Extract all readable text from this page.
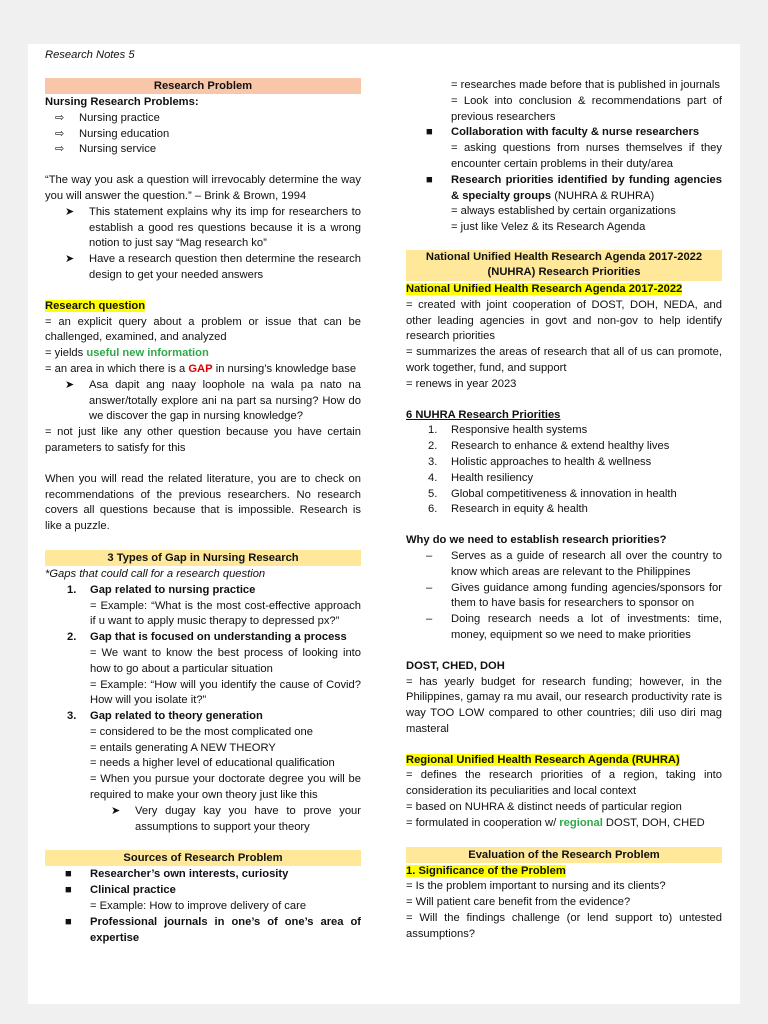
Research Notes 5
Research Problem
Nursing Research Problems:
⇨	Nursing practice
⇨	Nursing education
⇨	Nursing service
“The way you ask a question will irrevocably determine the way you will answer the question.” – Brink & Brown, 1994
➤	This statement explains why its imp for researchers to establish a good res questions because it is a wrong notion to just say “Mag research ko”
➤	Have a research question then determine the research design to get your needed answers
Research question
= an explicit query about a problem or issue that can be challenged, examined, and analyzed
= yields useful new information
= an area in which there is a GAP in nursing’s knowledge base
➤	Asa dapit ang naay loophole na wala pa nato na answer/totally explore ani na part sa nursing? How do we discover the gap in nursing knowledge?
= not just like any other question because you have certain parameters to satisfy for this
When you will read the related literature, you are to check on recommendations of the previous researchers. No research covers all questions because that is impossible. Research is like a puzzle.
3 Types of Gap in Nursing Research
*Gaps that could call for a research question
1.	Gap related to nursing practice
= Example: “What is the most cost-effective approach if u want to apply music therapy to depressed px?”
2.	Gap that is focused on understanding a process
= We want to know the best process of looking into how to go about a particular situation
= Example: “How will you identify the cause of Covid? How will you isolate it?”
3.	Gap related to theory generation
= considered to be the most complicated one
= entails generating A NEW THEORY
= needs a higher level of educational qualification
= When you pursue your doctorate degree you will be required to make your own theory just like this
➤	Very dugay kay you have to prove your assumptions to support your theory
Sources of Research Problem
■	Researcher’s own interests, curiosity
■	Clinical practice
= Example: How to improve delivery of care
■	Professional journals in one’s of one’s area of expertise
= researches made before that is published in journals
= Look into conclusion & recommendations part of previous researchers
■	Collaboration with faculty & nurse researchers
= asking questions from nurses themselves if they encounter certain problems in their duty/area
■	Research priorities identified by funding agencies & specialty groups (NUHRA & RUHRA)
= always established by certain organizations
= just like Velez & its Research Agenda
National Unified Health Research Agenda 2017-2022
(NUHRA) Research Priorities
National Unified Health Research Agenda 2017-2022
= created with joint cooperation of DOST, DOH, NEDA, and other leading agencies in govt and non-gov to help identify research priorities
= summarizes the areas of research that all of us can promote, work together, fund, and support
= renews in year 2023
6 NUHRA Research Priorities
1.	Responsive health systems
2.	Research to enhance & extend healthy lives
3.	Holistic approaches to health & wellness
4.	Health resiliency
5.	Global competitiveness & innovation in health
6.	Research in equity & health
Why do we need to establish research priorities?
–	Serves as a guide of research all over the country to know which areas are relevant to the Philippines
–	Gives guidance among funding agencies/sponsors for them to have basis for researchers to sponsor on
–	Doing research needs a lot of investments: time, money, equipment so we need to make priorities
DOST, CHED, DOH
= has yearly budget for research funding; however, in the Philippines, gamay ra mu avail, our research productivity rate is way TOO LOW compared to other countries; dili uso diri mag masteral
Regional Unified Health Research Agenda (RUHRA)
= defines the research priorities of a region, taking into consideration its peculiarities and local context
= based on NUHRA & distinct needs of particular region
= formulated in cooperation w/ regional DOST, DOH, CHED
Evaluation of the Research Problem
1. Significance of the Problem
= Is the problem important to nursing and its clients?
= Will patient care benefit from the evidence?
= Will the findings challenge (or lend support to) untested assumptions?
